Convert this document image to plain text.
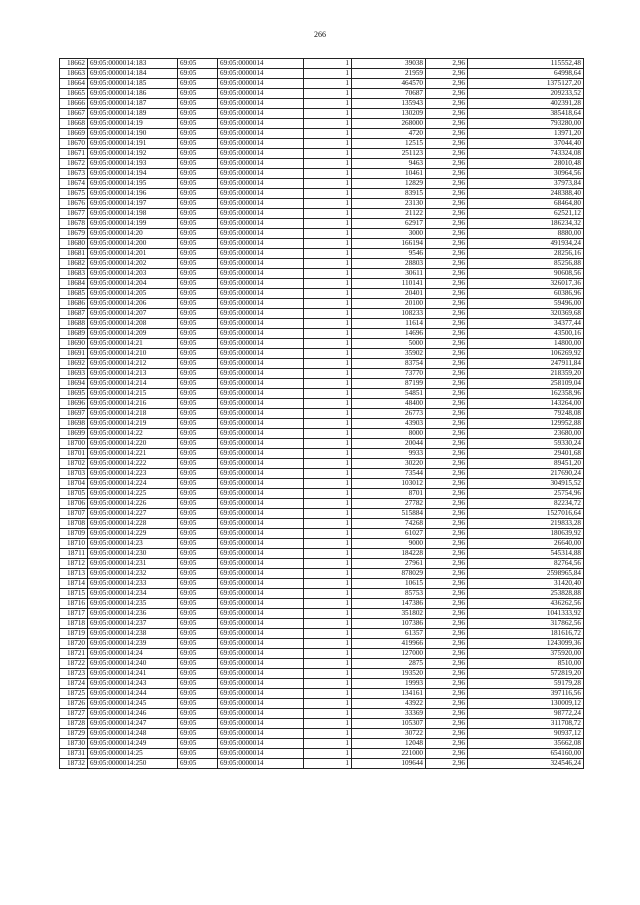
266
18662	69:05:0000014:183	69:05	69:05:0000014	1	39038	2,96	115552,48
18663	69:05:0000014:184	69:05	69:05:0000014	1	21959	2,96	64998,64
18664	69:05:0000014:185	69:05	69:05:0000014	1	464570	2,96	1375127,20
18665	69:05:0000014:186	69:05	69:05:0000014	1	70687	2,96	209233,52
18666	69:05:0000014:187	69:05	69:05:0000014	1	135943	2,96	402391,28
18667	69:05:0000014:189	69:05	69:05:0000014	1	130209	2,96	385418,64
18668	69:05:0000014:19	69:05	69:05:0000014	1	268000	2,96	793280,00
18669	69:05:0000014:190	69:05	69:05:0000014	1	4720	2,96	13971,20
18670	69:05:0000014:191	69:05	69:05:0000014	1	12515	2,96	37044,40
18671	69:05:0000014:192	69:05	69:05:0000014	1	251123	2,96	743324,08
18672	69:05:0000014:193	69:05	69:05:0000014	1	9463	2,96	28010,48
18673	69:05:0000014:194	69:05	69:05:0000014	1	10461	2,96	30964,56
18674	69:05:0000014:195	69:05	69:05:0000014	1	12829	2,96	37973,84
18675	69:05:0000014:196	69:05	69:05:0000014	1	83915	2,96	248388,40
18676	69:05:0000014:197	69:05	69:05:0000014	1	23130	2,96	68464,80
18677	69:05:0000014:198	69:05	69:05:0000014	1	21122	2,96	62521,12
18678	69:05:0000014:199	69:05	69:05:0000014	1	62917	2,96	186234,32
18679	69:05:0000014:20	69:05	69:05:0000014	1	3000	2,96	8880,00
18680	69:05:0000014:200	69:05	69:05:0000014	1	166194	2,96	491934,24
18681	69:05:0000014:201	69:05	69:05:0000014	1	9546	2,96	28256,16
18682	69:05:0000014:202	69:05	69:05:0000014	1	28803	2,96	85256,88
18683	69:05:0000014:203	69:05	69:05:0000014	1	30611	2,96	90608,56
18684	69:05:0000014:204	69:05	69:05:0000014	1	110141	2,96	326017,36
18685	69:05:0000014:205	69:05	69:05:0000014	1	20401	2,96	60386,96
18686	69:05:0000014:206	69:05	69:05:0000014	1	20100	2,96	59496,00
18687	69:05:0000014:207	69:05	69:05:0000014	1	108233	2,96	320369,68
18688	69:05:0000014:208	69:05	69:05:0000014	1	11614	2,96	34377,44
18689	69:05:0000014:209	69:05	69:05:0000014	1	14696	2,96	43500,16
18690	69:05:0000014:21	69:05	69:05:0000014	1	5000	2,96	14800,00
18691	69:05:0000014:210	69:05	69:05:0000014	1	35902	2,96	106269,92
18692	69:05:0000014:212	69:05	69:05:0000014	1	83754	2,96	247911,84
18693	69:05:0000014:213	69:05	69:05:0000014	1	73770	2,96	218359,20
18694	69:05:0000014:214	69:05	69:05:0000014	1	87199	2,96	258109,04
18695	69:05:0000014:215	69:05	69:05:0000014	1	54851	2,96	162358,96
18696	69:05:0000014:216	69:05	69:05:0000014	1	48400	2,96	143264,00
18697	69:05:0000014:218	69:05	69:05:0000014	1	26773	2,96	79248,08
18698	69:05:0000014:219	69:05	69:05:0000014	1	43903	2,96	129952,88
18699	69:05:0000014:22	69:05	69:05:0000014	1	8000	2,96	23680,00
18700	69:05:0000014:220	69:05	69:05:0000014	1	20044	2,96	59330,24
18701	69:05:0000014:221	69:05	69:05:0000014	1	9933	2,96	29401,68
18702	69:05:0000014:222	69:05	69:05:0000014	1	30220	2,96	89451,20
18703	69:05:0000014:223	69:05	69:05:0000014	1	73544	2,96	217690,24
18704	69:05:0000014:224	69:05	69:05:0000014	1	103012	2,96	304915,52
18705	69:05:0000014:225	69:05	69:05:0000014	1	8701	2,96	25754,96
18706	69:05:0000014:226	69:05	69:05:0000014	1	27782	2,96	82234,72
18707	69:05:0000014:227	69:05	69:05:0000014	1	515884	2,96	1527016,64
18708	69:05:0000014:228	69:05	69:05:0000014	1	74268	2,96	219833,28
18709	69:05:0000014:229	69:05	69:05:0000014	1	61027	2,96	180639,92
18710	69:05:0000014:23	69:05	69:05:0000014	1	9000	2,96	26640,00
18711	69:05:0000014:230	69:05	69:05:0000014	1	184228	2,96	545314,88
18712	69:05:0000014:231	69:05	69:05:0000014	1	27961	2,96	82764,56
18713	69:05:0000014:232	69:05	69:05:0000014	1	878029	2,96	2598965,84
18714	69:05:0000014:233	69:05	69:05:0000014	1	10615	2,96	31420,40
18715	69:05:0000014:234	69:05	69:05:0000014	1	85753	2,96	253828,88
18716	69:05:0000014:235	69:05	69:05:0000014	1	147386	2,96	436262,56
18717	69:05:0000014:236	69:05	69:05:0000014	1	351802	2,96	1041333,92
18718	69:05:0000014:237	69:05	69:05:0000014	1	107386	2,96	317862,56
18719	69:05:0000014:238	69:05	69:05:0000014	1	61357	2,96	181616,72
18720	69:05:0000014:239	69:05	69:05:0000014	1	419966	2,96	1243099,36
18721	69:05:0000014:24	69:05	69:05:0000014	1	127000	2,96	375920,00
18722	69:05:0000014:240	69:05	69:05:0000014	1	2875	2,96	8510,00
18723	69:05:0000014:241	69:05	69:05:0000014	1	193520	2,96	572819,20
18724	69:05:0000014:243	69:05	69:05:0000014	1	19993	2,96	59179,28
18725	69:05:0000014:244	69:05	69:05:0000014	1	134161	2,96	397116,56
18726	69:05:0000014:245	69:05	69:05:0000014	1	43922	2,96	130009,12
18727	69:05:0000014:246	69:05	69:05:0000014	1	33369	2,96	98772,24
18728	69:05:0000014:247	69:05	69:05:0000014	1	105307	2,96	311708,72
18729	69:05:0000014:248	69:05	69:05:0000014	1	30722	2,96	90937,12
18730	69:05:0000014:249	69:05	69:05:0000014	1	12048	2,96	35662,08
18731	69:05:0000014:25	69:05	69:05:0000014	1	221000	2,96	654160,00
18732	69:05:0000014:250	69:05	69:05:0000014	1	109644	2,96	324546,24
